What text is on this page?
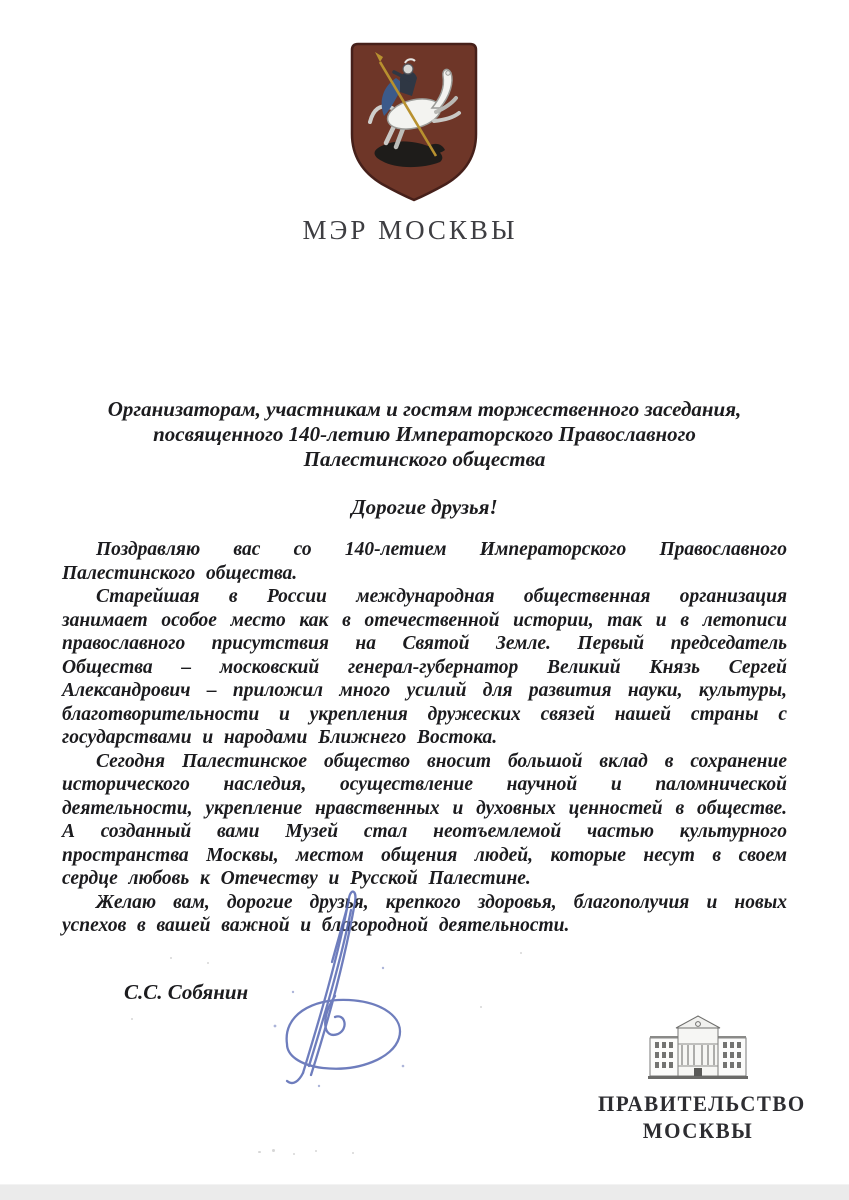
МЭР МОСКВЫ
Организаторам, участникам и гостям торжественного заседания,
посвященного 140-летию Императорского Православного
Палестинского общества
Дорогие друзья!

Поздравляю вас со 140-летием Императорского Православного Палестинского общества.

Старейшая в России международная общественная организация занимает особое место как в отечественной истории, так и в летописи православного присутствия на Святой Земле. Первый председатель Общества – московский генерал-губернатор Великий Князь Сергей Александрович – приложил много усилий для развития науки, культуры, благотворительности и укрепления дружеских связей нашей страны с государствами и народами Ближнего Востока.

Сегодня Палестинское общество вносит большой вклад в сохранение исторического наследия, осуществление научной и паломнической деятельности, укрепление нравственных и духовных ценностей в обществе. А созданный вами Музей стал неотъемлемой частью культурного пространства Москвы, местом общения людей, которые несут в своем сердце любовь к Отечеству и Русской Палестине.

Желаю вам, дорогие друзья, крепкого здоровья, благополучия и новых успехов в вашей важной и благородной деятельности.

С.С. Собянин
ПРАВИТЕЛЬСТВО
МОСКВЫ
